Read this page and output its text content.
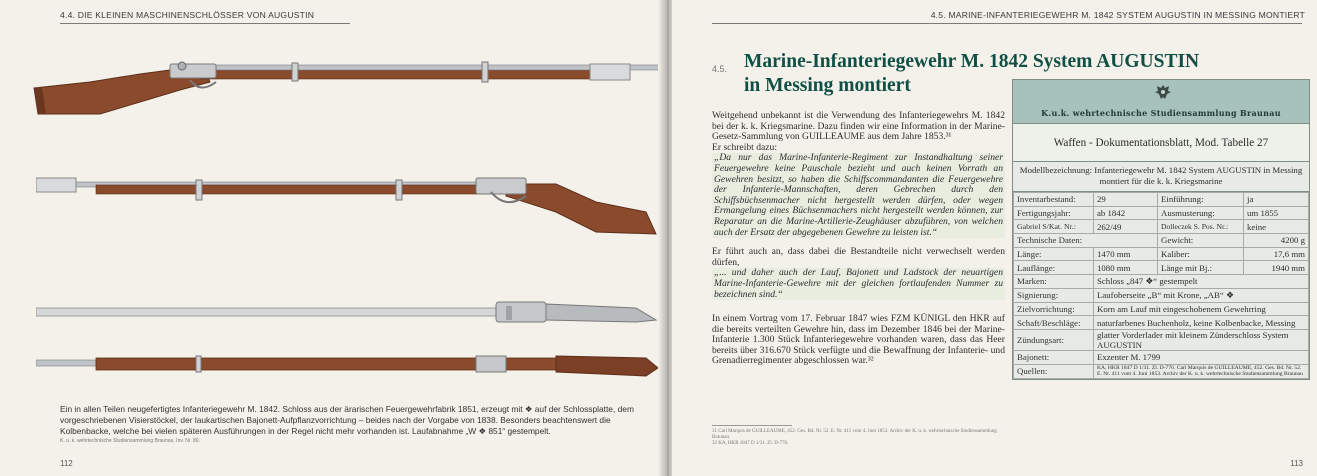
4.4. DIE KLEINEN MASCHINENSCHLÖSSER VON AUGUSTIN
Ein in allen Teilen neugefertigtes Infanteriegewehr M. 1842. Schloss aus der ärarischen Feuergewehrfabrik 1851, erzeugt mit ❖ auf der Schlossplatte, dem vorgeschriebenen Visierstöckel, der laukartischen Bajonett-Aufpflanzvorrichtung – beides nach der Vorgabe von 1838. Besonders beachtenswert die Kolbenbacke, welche bei vielen späteren Ausführungen in der Regel nicht mehr vorhanden ist. Laufabnahme „W ❖ 851“ gestempelt.
K. u. k. wehrtechnische Studiensammlung Braunau, Inv. Nr. 80.
112
4.5. MARINE-INFANTERIEGEWEHR M. 1842 SYSTEM AUGUSTIN IN MESSING MONTIERT
113
4.5. Marine-Infanteriegewehr M. 1842 System AUGUSTIN
in Messing montiert

Weitgehend unbekannt ist die Verwendung des Infanteriegewehrs M. 1842 bei der k. k. Kriegsmarine. Dazu finden wir eine Information in der Marine-Gesetz-Sammlung von GUILLEAUME aus dem Jahre 1853.³¹

Er schreibt dazu:

„Da nur das Marine-Infanterie-Regiment zur Instandhaltung seiner Feuergewehre keine Pauschale bezieht und auch keinen Vorrath an Gewehren besitzt, so haben die Schiffscommandanten die Feuergewehre der Infanterie-Mannschaften, deren Gebrechen durch den Schiffsbüchsenmacher nicht hergestellt werden dürfen, oder wegen Ermangelung eines Büchsenmachers nicht hergestellt werden können, zur Reparatur an die Marine-Artillerie-Zeughäuser abzuführen, von welchen auch der Ersatz der abgegebenen Gewehre zu leisten ist.“

Er führt auch an, dass dabei die Bestandteile nicht verwechselt werden dürfen,

„... und daher auch der Lauf, Bajonett und Ladstock der neuartigen Marine-Infanterie-Gewehre mit der gleichen fortlaufenden Nummer zu bezeichnen sind.“

In einem Vortrag vom 17. Februar 1847 wies FZM KÜNIGL den HKR auf die bereits verteilten Gewehre hin, dass im Dezember 1846 bei der Marine-Infanterie 1.300 Stück Infanteriegewehre vorhanden waren, dass das Heer bereits über 316.670 Stück verfügte und die Bewaffnung der Infanterie- und Grenadierregimenter abgeschlossen war.³²

31 Carl Marquis de GUILLEAUME, 452. Ges. Bd. Nr. 52. E. Nr. 411 vom 4. Juni 1853. Archiv der K. u. k. wehrtechnische Studiensammlung Braunau.
32 KA, HKR 1847 D 1/31. Zl. D-776.
K.u.k. wehrtechnische Studiensammlung Braunau
Waffen - Dokumentationsblatt, Mod. Tabelle 27
Modellbezeichnung: Infanteriegewehr M. 1842 System AUGUSTIN in Messing montiert für die k. k. Kriegsmarine
Inventarbestand:	29	Einführung:	ja
Fertigungsjahr:	ab 1842	Ausmusterung:	um 1855
Gabriel S/Kat. Nr.:	262/49	Dolleczek S. Pos. Nr.:	keine
Technische Daten:		Gewicht:	4200 g
Länge:	1470 mm	Kaliber:	17,6 mm
Lauflänge:	1080 mm	Länge mit Bj.:	1940 mm
Marken:	Schloss „847 ❖“ gestempelt		
Signierung:	Laufoberseite „B“ mit Krone, „AB“ ❖		
Zielvorrichtung:	Korn am Lauf mit eingeschobenem Gewehrring		
Schaft/Beschläge:	naturfarbenes Buchenholz, keine Kolbenbacke, Messing		
Zündungsart:	glatter Vorderlader mit kleinem Zünderschloss System AUGUSTIN		
Bajonett:	Exzenter M. 1799		
Quellen:	KA, HKR 1847 D 1/31. Zl. D-776. Carl Marquis de GUILLEAUME, 452. Ges. Bd. Nr. 52. E. Nr. 411 vom 4. Juni 1853. Archiv der K. u. k. wehrtechnische Studiensammlung Braunau		
